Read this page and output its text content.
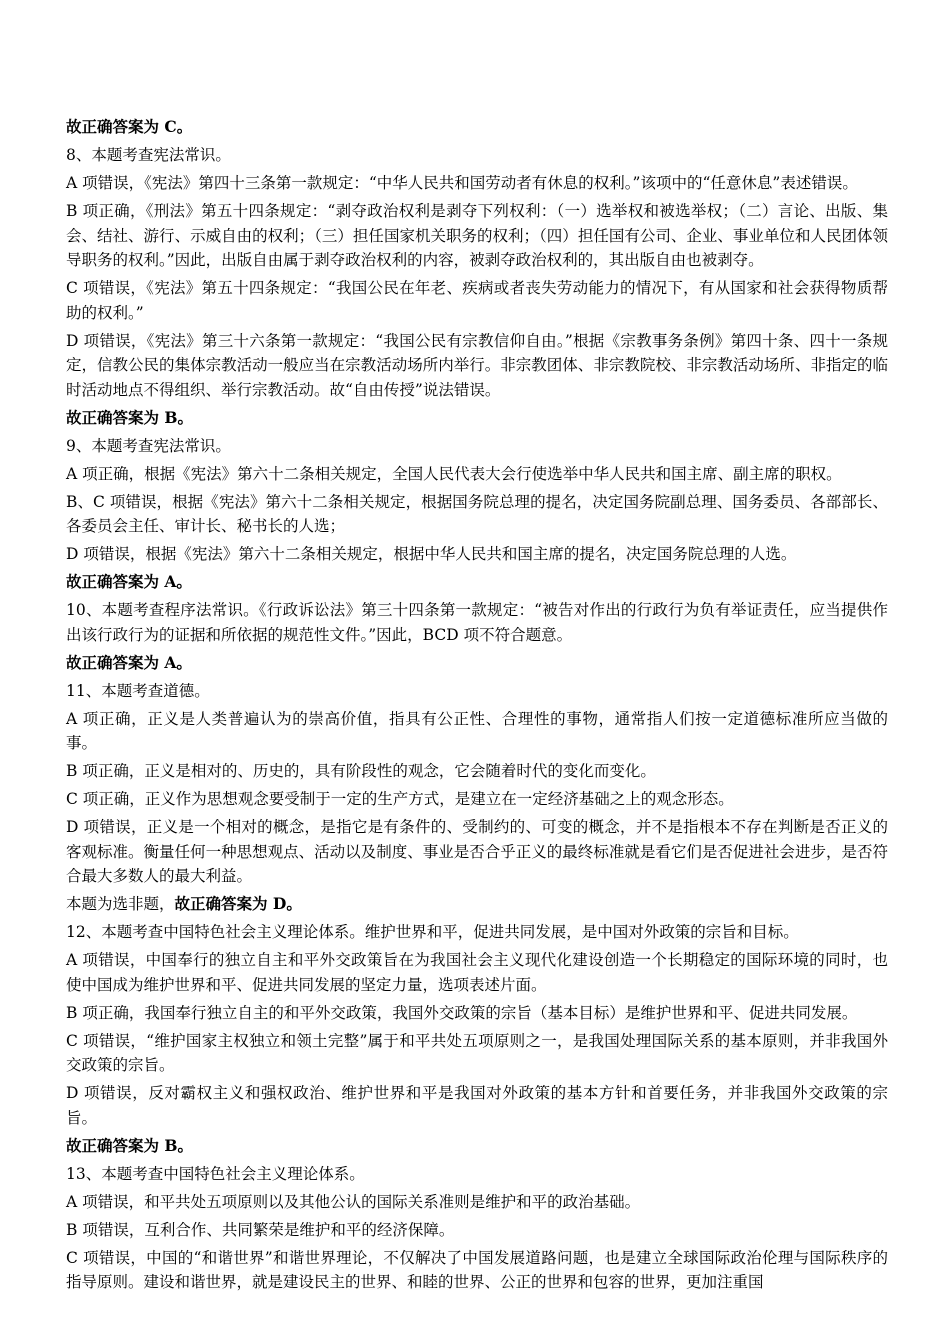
故正确答案为 C。

8、本题考查宪法常识。

A 项错误，《宪法》第四十三条第一款规定：“中华人民共和国劳动者有休息的权利。”该项中的“任意休息”表述错误。

B 项正确，《刑法》第五十四条规定：“剥夺政治权利是剥夺下列权利：（一）选举权和被选举权；（二）言论、出版、集会、结社、游行、示威自由的权利；（三）担任国家机关职务的权利；（四）担任国有公司、企业、事业单位和人民团体领导职务的权利。”因此，出版自由属于剥夺政治权利的内容，被剥夺政治权利的，其出版自由也被剥夺。

C 项错误，《宪法》第五十四条规定：“我国公民在年老、疾病或者丧失劳动能力的情况下，有从国家和社会获得物质帮助的权利。”

D 项错误，《宪法》第三十六条第一款规定：“我国公民有宗教信仰自由。”根据《宗教事务条例》第四十条、四十一条规定，信教公民的集体宗教活动一般应当在宗教活动场所内举行。非宗教团体、非宗教院校、非宗教活动场所、非指定的临时活动地点不得组织、举行宗教活动。故“自由传授”说法错误。

故正确答案为 B。

9、本题考查宪法常识。

A 项正确，根据《宪法》第六十二条相关规定，全国人民代表大会行使选举中华人民共和国主席、副主席的职权。

B、C 项错误，根据《宪法》第六十二条相关规定，根据国务院总理的提名，决定国务院副总理、国务委员、各部部长、各委员会主任、审计长、秘书长的人选；

D 项错误，根据《宪法》第六十二条相关规定，根据中华人民共和国主席的提名，决定国务院总理的人选。

故正确答案为 A。

10、本题考查程序法常识。《行政诉讼法》第三十四条第一款规定：“被告对作出的行政行为负有举证责任，应当提供作出该行政行为的证据和所依据的规范性文件。”因此，BCD 项不符合题意。

故正确答案为 A。

11、本题考查道德。

A 项正确，正义是人类普遍认为的崇高价值，指具有公正性、合理性的事物，通常指人们按一定道德标准所应当做的事。

B 项正确，正义是相对的、历史的，具有阶段性的观念，它会随着时代的变化而变化。

C 项正确，正义作为思想观念要受制于一定的生产方式，是建立在一定经济基础之上的观念形态。

D 项错误，正义是一个相对的概念，是指它是有条件的、受制约的、可变的概念，并不是指根本不存在判断是否正义的客观标准。衡量任何一种思想观点、活动以及制度、事业是否合乎正义的最终标准就是看它们是否促进社会进步，是否符合最大多数人的最大利益。

本题为选非题，故正确答案为 D。

12、本题考查中国特色社会主义理论体系。维护世界和平，促进共同发展，是中国对外政策的宗旨和目标。

A 项错误，中国奉行的独立自主和平外交政策旨在为我国社会主义现代化建设创造一个长期稳定的国际环境的同时，也使中国成为维护世界和平、促进共同发展的坚定力量，选项表述片面。

B 项正确，我国奉行独立自主的和平外交政策，我国外交政策的宗旨（基本目标）是维护世界和平、促进共同发展。

C 项错误，“维护国家主权独立和领土完整”属于和平共处五项原则之一，是我国处理国际关系的基本原则，并非我国外交政策的宗旨。

D 项错误，反对霸权主义和强权政治、维护世界和平是我国对外政策的基本方针和首要任务，并非我国外交政策的宗旨。

故正确答案为 B。

13、本题考查中国特色社会主义理论体系。

A 项错误，和平共处五项原则以及其他公认的国际关系准则是维护和平的政治基础。

B 项错误，互利合作、共同繁荣是维护和平的经济保障。

C 项错误，中国的“和谐世界”和谐世界理论，不仅解决了中国发展道路问题，也是建立全球国际政治伦理与国际秩序的指导原则。建设和谐世界，就是建设民主的世界、和睦的世界、公正的世界和包容的世界，更加注重国
